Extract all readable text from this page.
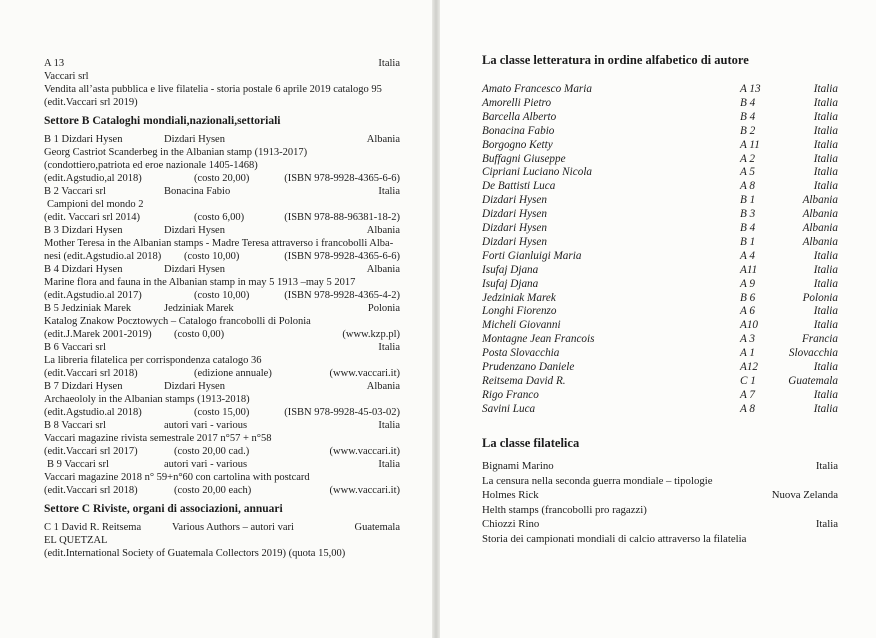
A 13	Italia
Vaccari srl
Vendita all’asta pubblica e live filatelia - storia postale 6 aprile 2019 catalogo 95
(edit.Vaccari srl 2019)
Settore B Cataloghi mondiali,nazionali,settoriali
B 1 Dizdari Hysen	Dizdari Hysen	Albania
Georg Castriot Scanderbeg in the Albanian stamp (1913-2017)
(condottiero,patriota ed eroe nazionale 1405-1468)
(edit.Agstudio,al 2018)	(costo 20,00)	(ISBN 978-9928-4365-6-6)
B 2 Vaccari srl	Bonacina Fabio	Italia
Campioni del mondo 2
(edit. Vaccari srl 2014)	(costo 6,00)	(ISBN 978-88-96381-18-2)
B 3 Dizdari Hysen	Dizdari Hysen	Albania
Mother Teresa in the Albanian stamps - Madre Teresa attraverso i francobolli Alba-
nesi (edit.Agstudio.al 2018) (costo 10,00)	(ISBN 978-9928-4365-6-6)
B 4 Dizdari Hysen	Dizdari Hysen	Albania
Marine flora and fauna in the Albanian stamp in may 5 1913 –may 5 2017
(edit.Agstudio.al 2017)	(costo 10,00)	(ISBN 978-9928-4365-4-2)
B 5 Jedziniak Marek	Jedziniak Marek	Polonia
Katalog Znakow Pocztowych – Catalogo francobolli di Polonia
(edit.J.Marek 2001-2019) (costo 0,00)	(www.kzp.pl)
B 6 Vaccari srl	Italia
La libreria filatelica per corrispondenza catalogo 36
(edit.Vaccari srl 2018)	(edizione annuale)	(www.vaccari.it)
B 7 Dizdari Hysen	Dizdari Hysen	Albania
Archaeololy in the Albanian stamps (1913-2018)
(edit.Agstudio.al 2018)	(costo 15,00)	(ISBN 978-9928-45-03-02)
B 8 Vaccari srl	autori vari - various	Italia
Vaccari magazine rivista semestrale 2017 n°57 + n°58
(edit.Vaccari srl 2017)	(costo 20,00 cad.)	(www.vaccari.it)
B 9 Vaccari srl	autori vari - various	Italia
Vaccari magazine 2018 n° 59+n°60 con cartolina with postcard
(edit.Vaccari srl 2018)	(costo 20,00 each)	(www.vaccari.it)
Settore C Riviste, organi di associazioni, annuari
C 1 David R. Reitsema	Various Authors – autori vari	Guatemala
EL QUETZAL
(edit.International Society of Guatemala Collectors 2019) (quota 15,00)
La classe letteratura in ordine alfabetico di autore
Amato Francesco Maria	A 13	Italia
Amorelli Pietro	B 4	Italia
Barcella Alberto	B 4	Italia
Bonacina Fabio	B 2	Italia
Borgogno Ketty	A 11	Italia
Buffagni Giuseppe	A 2	Italia
Cipriani Luciano Nicola	A 5	Italia
De Battisti Luca	A 8	Italia
Dizdari Hysen	B 1	Albania
Dizdari Hysen	B 3	Albania
Dizdari Hysen	B 4	Albania
Dizdari Hysen	B 1	Albania
Forti Gianluigi Maria	A 4	Italia
Isufaj Djana	A11	Italia
Isufaj Djana	A 9	Italia
Jedziniak Marek	B 6	Polonia
Longhi Fiorenzo	A 6	Italia
Micheli Giovanni	A10	Italia
Montagne Jean Francois	A 3	Francia
Posta Slovacchia	A 1	Slovacchia
Prudenzano Daniele	A12	Italia
Reitsema David R.	C 1	Guatemala
Rigo Franco	A 7	Italia
Savini Luca	A 8	Italia
La classe filatelica
Bignami Marino	Italia
La censura nella seconda guerra mondiale – tipologie
Holmes Rick	Nuova Zelanda
Helth stamps (francobolli pro ragazzi)
Chiozzi Rino	Italia
Storia dei campionati mondiali di calcio attraverso la filatelia
